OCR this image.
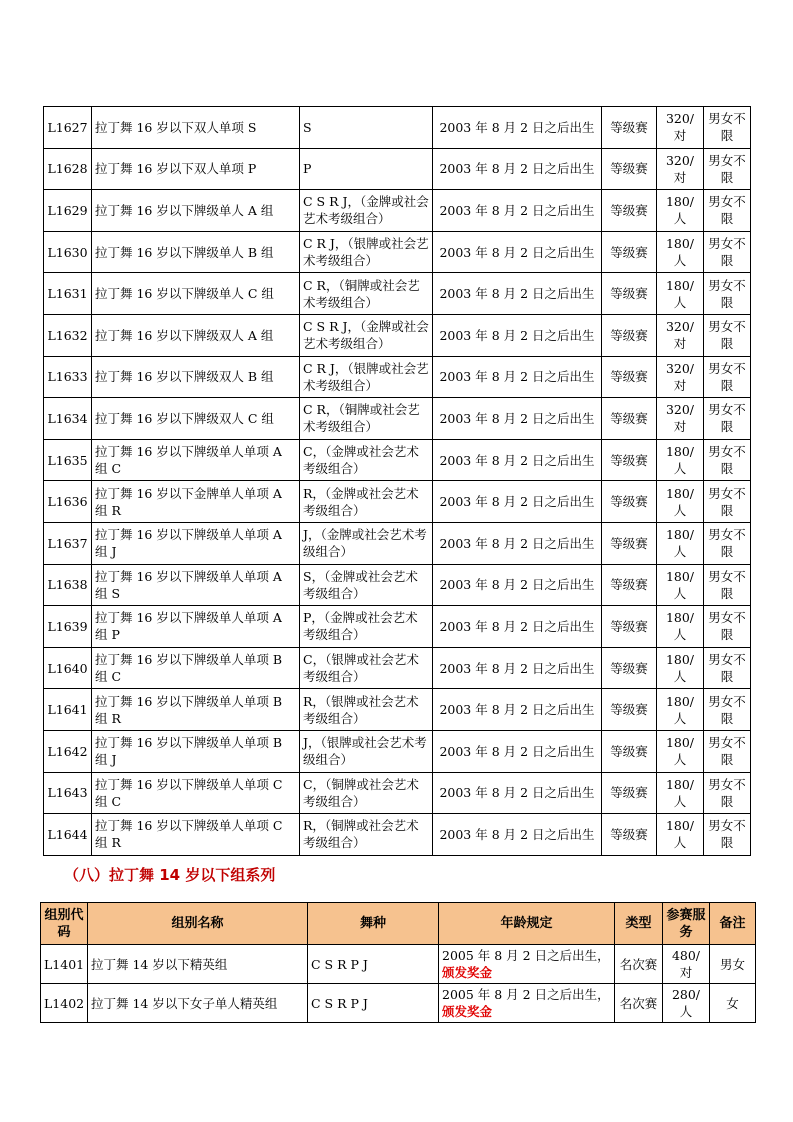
L1627	拉丁舞 16 岁以下双人单项 S	S	2003 年 8 月 2 日之后出生	等级赛	320/对	男女不限
L1628	拉丁舞 16 岁以下双人单项 P	P	2003 年 8 月 2 日之后出生	等级赛	320/对	男女不限
L1629	拉丁舞 16 岁以下牌级单人 A 组	C S R J，（金牌或社会艺术考级组合）	2003 年 8 月 2 日之后出生	等级赛	180/人	男女不限
L1630	拉丁舞 16 岁以下牌级单人 B 组	C R J，（银牌或社会艺术考级组合）	2003 年 8 月 2 日之后出生	等级赛	180/人	男女不限
L1631	拉丁舞 16 岁以下牌级单人 C 组	C R，（铜牌或社会艺术考级组合）	2003 年 8 月 2 日之后出生	等级赛	180/人	男女不限
L1632	拉丁舞 16 岁以下牌级双人 A 组	C S R J，（金牌或社会艺术考级组合）	2003 年 8 月 2 日之后出生	等级赛	320/对	男女不限
L1633	拉丁舞 16 岁以下牌级双人 B 组	C R J，（银牌或社会艺术考级组合）	2003 年 8 月 2 日之后出生	等级赛	320/对	男女不限
L1634	拉丁舞 16 岁以下牌级双人 C 组	C R，（铜牌或社会艺术考级组合）	2003 年 8 月 2 日之后出生	等级赛	320/对	男女不限
L1635	拉丁舞 16 岁以下牌级单人单项 A 组 C	C，（金牌或社会艺术考级组合）	2003 年 8 月 2 日之后出生	等级赛	180/人	男女不限
L1636	拉丁舞 16 岁以下金牌单人单项 A 组 R	R，（金牌或社会艺术考级组合）	2003 年 8 月 2 日之后出生	等级赛	180/人	男女不限
L1637	拉丁舞 16 岁以下牌级单人单项 A 组 J	J，（金牌或社会艺术考级组合）	2003 年 8 月 2 日之后出生	等级赛	180/人	男女不限
L1638	拉丁舞 16 岁以下牌级单人单项 A 组 S	S，（金牌或社会艺术考级组合）	2003 年 8 月 2 日之后出生	等级赛	180/人	男女不限
L1639	拉丁舞 16 岁以下牌级单人单项 A 组 P	P，（金牌或社会艺术考级组合）	2003 年 8 月 2 日之后出生	等级赛	180/人	男女不限
L1640	拉丁舞 16 岁以下牌级单人单项 B 组 C	C，（银牌或社会艺术考级组合）	2003 年 8 月 2 日之后出生	等级赛	180/人	男女不限
L1641	拉丁舞 16 岁以下牌级单人单项 B 组 R	R，（银牌或社会艺术考级组合）	2003 年 8 月 2 日之后出生	等级赛	180/人	男女不限
L1642	拉丁舞 16 岁以下牌级单人单项 B 组 J	J，（银牌或社会艺术考级组合）	2003 年 8 月 2 日之后出生	等级赛	180/人	男女不限
L1643	拉丁舞 16 岁以下牌级单人单项 C 组 C	C，（铜牌或社会艺术考级组合）	2003 年 8 月 2 日之后出生	等级赛	180/人	男女不限
L1644	拉丁舞 16 岁以下牌级单人单项 C 组 R	R，（铜牌或社会艺术考级组合）	2003 年 8 月 2 日之后出生	等级赛	180/人	男女不限
（八）拉丁舞 14 岁以下组系列
组别代码	组别名称	舞种	年龄规定	类型	参赛服务	备注
L1401	拉丁舞 14 岁以下精英组	C S R P J	2005 年 8 月 2 日之后出生，颁发奖金	名次赛	480/对	男女
L1402	拉丁舞 14 岁以下女子单人精英组	C S R P J	2005 年 8 月 2 日之后出生，颁发奖金	名次赛	280/人	女
